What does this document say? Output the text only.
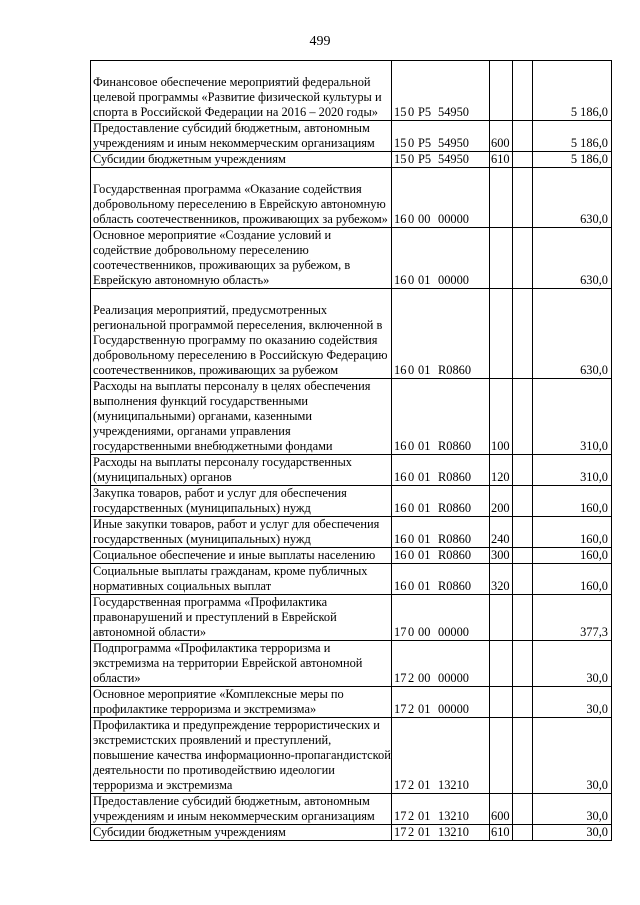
499
Финансовое обеспечение мероприятий федеральной целевой программы «Развитие физической культуры и спорта в Российской Федерации на 2016 – 2020 годы»	15 0 P5 54950			5 186,0
Предоставление субсидий бюджетным, автономным учреждениям и иным некоммерческим организациям	15 0 P5 54950	600		5 186,0
Субсидии бюджетным учреждениям	15 0 P5 54950	610		5 186,0
Государственная программа «Оказание содействия добровольному переселению в Еврейскую автономную область соотечественников, проживающих за рубежом»	16 0 00 00000			630,0
Основное мероприятие «Создание условий и содействие добровольному переселению соотечественников, проживающих за рубежом, в Еврейскую автономную область»	16 0 01 00000			630,0
Реализация мероприятий, предусмотренных региональной программой переселения, включенной в Государственную программу по оказанию содействия добровольному переселению в Российскую Федерацию соотечественников, проживающих за рубежом	16 0 01 R0860			630,0
Расходы на выплаты персоналу в целях обеспечения выполнения функций государственными (муниципальными) органами, казенными учреждениями, органами управления государственными внебюджетными фондами	16 0 01 R0860	100		310,0
Расходы на выплаты персоналу государственных (муниципальных) органов	16 0 01 R0860	120		310,0
Закупка товаров, работ и услуг для обеспечения государственных (муниципальных) нужд	16 0 01 R0860	200		160,0
Иные закупки товаров, работ и услуг для обеспечения государственных (муниципальных) нужд	16 0 01 R0860	240		160,0
Социальное обеспечение и иные выплаты населению	16 0 01 R0860	300		160,0
Социальные выплаты гражданам, кроме публичных нормативных социальных выплат	16 0 01 R0860	320		160,0
Государственная программа «Профилактика правонарушений и преступлений в Еврейской автономной области»	17 0 00 00000			377,3
Подпрограмма «Профилактика терроризма и экстремизма на территории Еврейской автономной области»	17 2 00 00000			30,0
Основное мероприятие «Комплексные меры по профилактике терроризма и экстремизма»	17 2 01 00000			30,0
Профилактика и предупреждение террористических и экстремистских проявлений и преступлений, повышение качества информационно-пропагандистской деятельности по противодействию идеологии терроризма и экстремизма	17 2 01 13210			30,0
Предоставление субсидий бюджетным, автономным учреждениям и иным некоммерческим организациям	17 2 01 13210	600		30,0
Субсидии бюджетным учреждениям	17 2 01 13210	610		30,0
